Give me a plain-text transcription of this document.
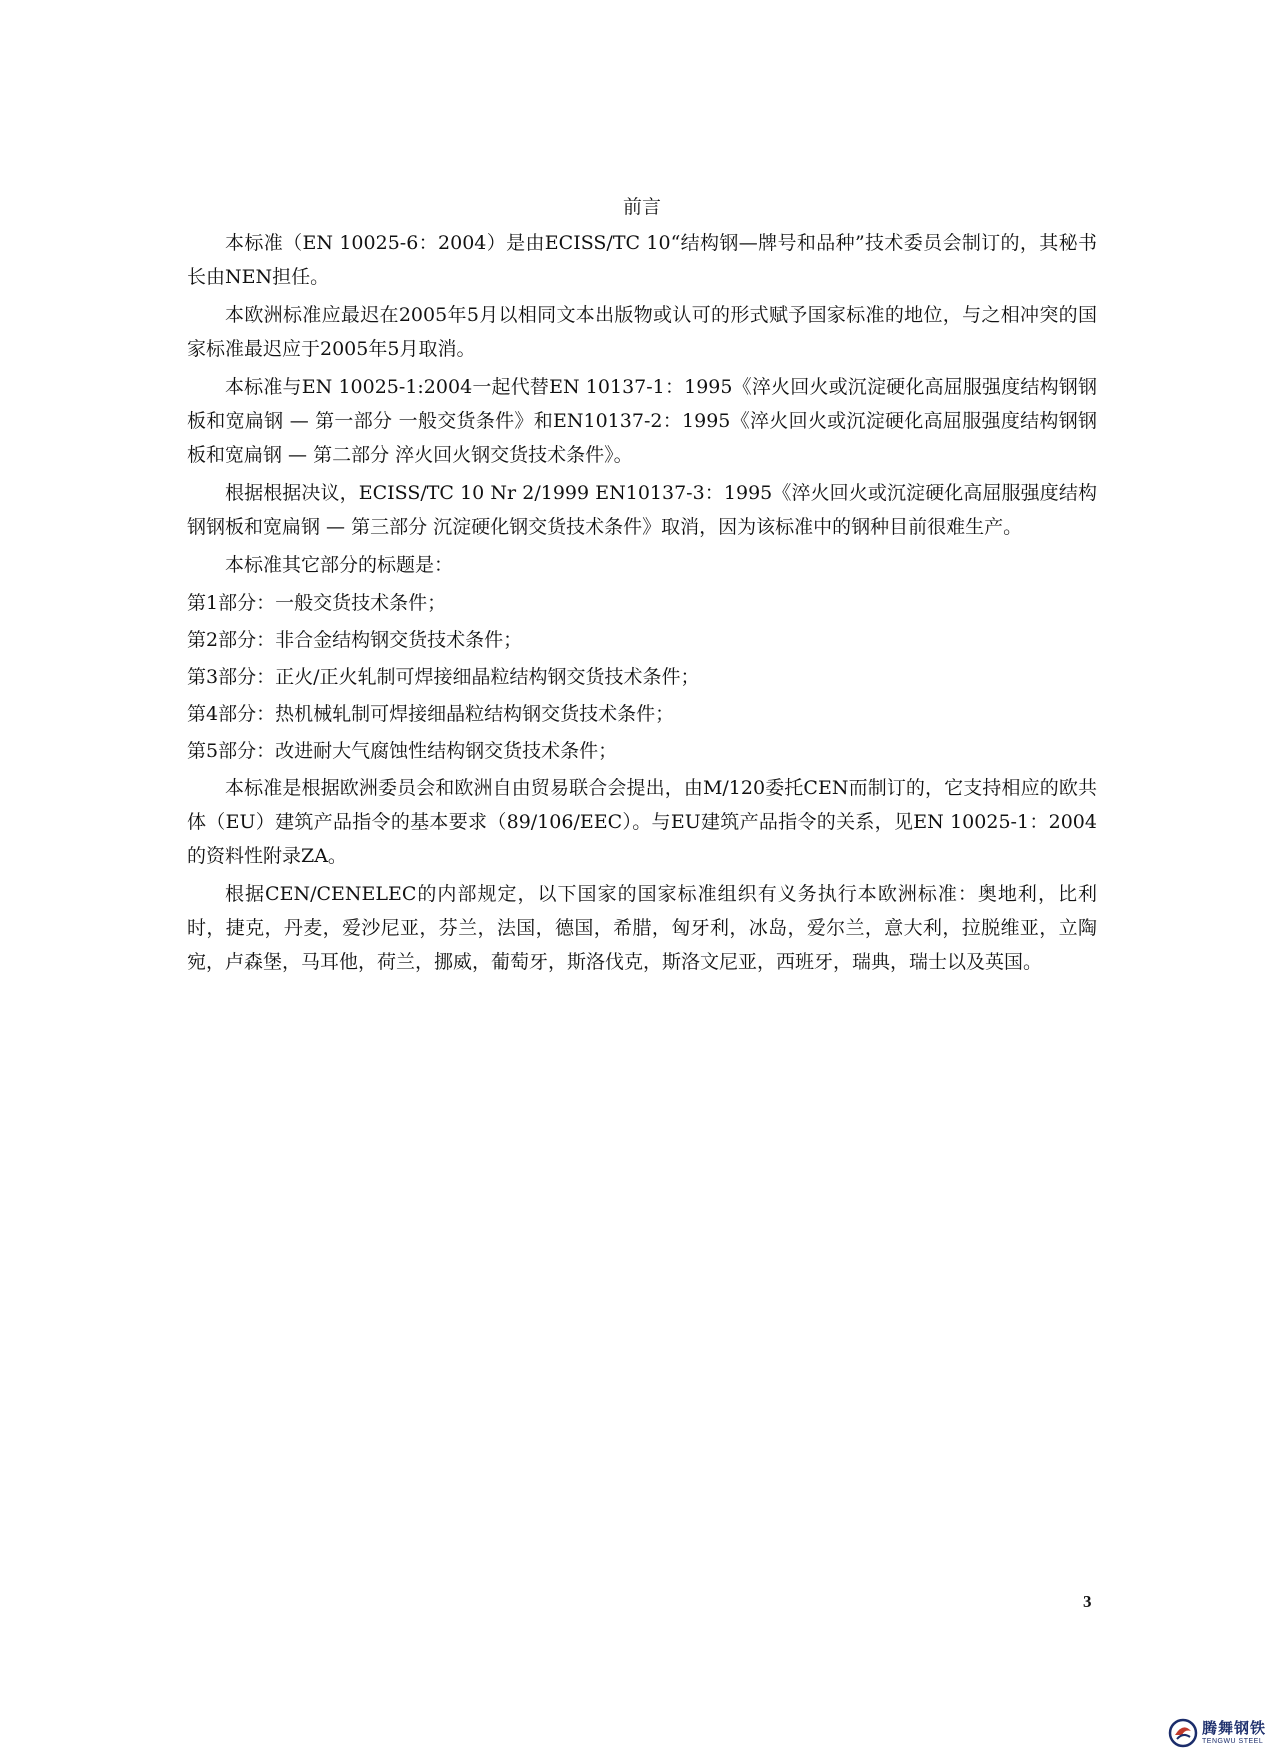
前言

本标准（EN 10025-6：2004）是由ECISS/TC 10“结构钢—牌号和品种”技术委员会制订的，其秘书长由NEN担任。

本欧洲标准应最迟在2005年5月以相同文本出版物或认可的形式赋予国家标准的地位，与之相冲突的国家标准最迟应于2005年5月取消。

本标准与EN 10025-1:2004一起代替EN 10137-1：1995《淬火回火或沉淀硬化高屈服强度结构钢钢板和宽扁钢 — 第一部分 一般交货条件》和EN10137-2：1995《淬火回火或沉淀硬化高屈服强度结构钢钢板和宽扁钢 — 第二部分 淬火回火钢交货技术条件》。

根据根据决议，ECISS/TC 10 Nr 2/1999 EN10137-3：1995《淬火回火或沉淀硬化高屈服强度结构钢钢板和宽扁钢 — 第三部分 沉淀硬化钢交货技术条件》取消，因为该标准中的钢种目前很难生产。

本标准其它部分的标题是：

第1部分：一般交货技术条件；
第2部分：非合金结构钢交货技术条件；
第3部分：正火/正火轧制可焊接细晶粒结构钢交货技术条件；
第4部分：热机械轧制可焊接细晶粒结构钢交货技术条件；
第5部分：改进耐大气腐蚀性结构钢交货技术条件；

本标准是根据欧洲委员会和欧洲自由贸易联合会提出，由M/120委托CEN而制订的，它支持相应的欧共体（EU）建筑产品指令的基本要求（89/106/EEC）。与EU建筑产品指令的关系，见EN 10025-1：2004的资料性附录ZA。

根据CEN/CENELEC的内部规定，以下国家的国家标准组织有义务执行本欧洲标准：奥地利，比利时，捷克，丹麦，爱沙尼亚，芬兰，法国，德国，希腊，匈牙利，冰岛，爱尔兰，意大利，拉脱维亚，立陶宛，卢森堡，马耳他，荷兰，挪威，葡萄牙，斯洛伐克，斯洛文尼亚，西班牙，瑞典，瑞士以及英国。

3
腾舞钢铁
TENGWU STEEL
